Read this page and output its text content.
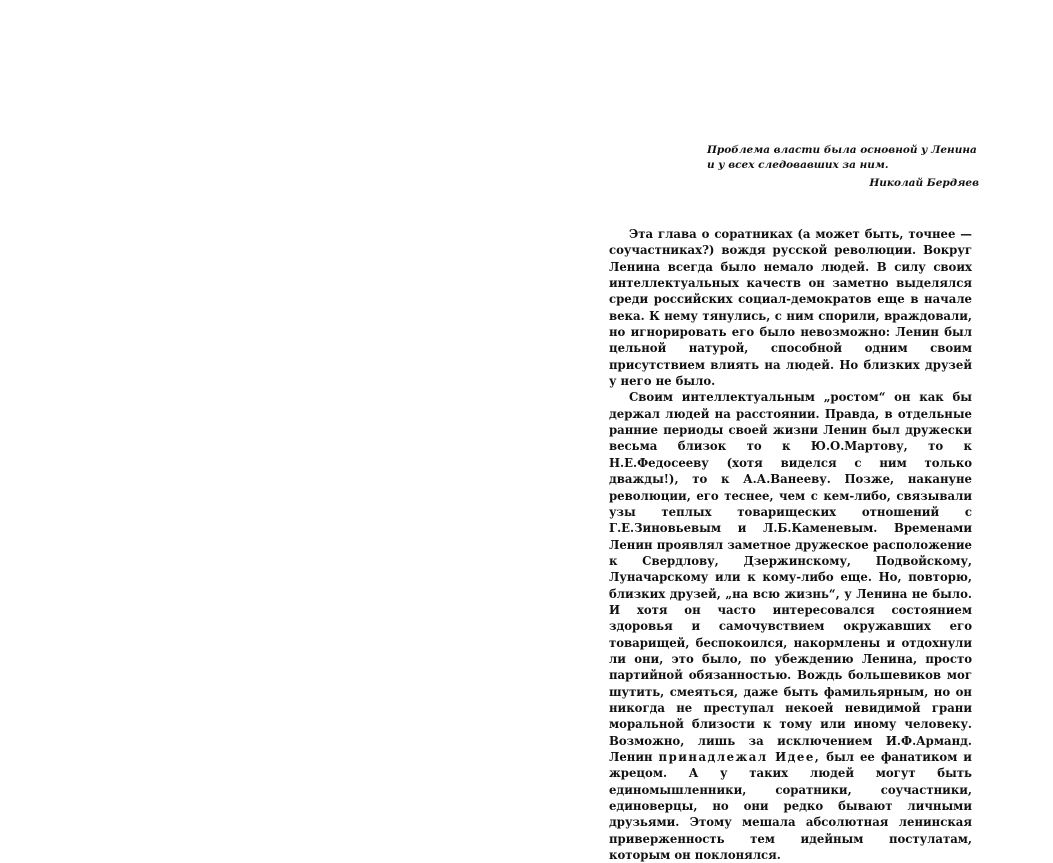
Проблема власти была основной у Ленина и у всех следовавших за ним.

Николай Бердяев

Эта глава о соратниках (а может быть, точнее — соучастниках?) вождя русской революции. Вокруг Ленина всегда было немало людей. В силу своих интеллектуальных качеств он заметно выделялся среди российских социал-демократов еще в начале века. К нему тянулись, с ним спорили, враждовали, но игнорировать его было невозможно: Ленин был цельной натурой, способной одним своим присутствием влиять на людей. Но близких друзей у него не было.

Своим интеллектуальным „ростом“ он как бы держал людей на расстоянии. Правда, в отдельные ранние периоды своей жизни Ленин был дружески весьма близок то к Ю.О.Мартову, то к Н.Е.Федосееву (хотя виделся с ним только дважды!), то к А.А.Ванееву. Позже, накануне революции, его теснее, чем с кем-либо, связывали узы теплых товарищеских отношений с Г.Е.Зиновьевым и Л.Б.Каменевым. Временами Ленин проявлял заметное дружеское расположение к Свердлову, Дзержинскому, Подвойскому, Луначарскому или к кому-либо еще. Но, повторю, близких друзей, „на всю жизнь“, у Ленина не было. И хотя он часто интересовался состоянием здоровья и самочувствием окружавших его товарищей, беспокоился, накормлены и отдохнули ли они, это было, по убеждению Ленина, просто партийной обязанностью. Вождь большевиков мог шутить, смеяться, даже быть фамильярным, но он никогда не преступал некоей невидимой грани моральной близости к тому или иному человеку. Возможно, лишь за исключением И.Ф.Арманд. Ленин принадлежал Идее, был ее фанатиком и жрецом. А у таких людей могут быть единомышленники, соратники, соучастники, единоверцы, но они редко бывают личными друзьями. Этому мешала абсолютная ленинская приверженность тем идейным постулатам, которым он поклонялся.
